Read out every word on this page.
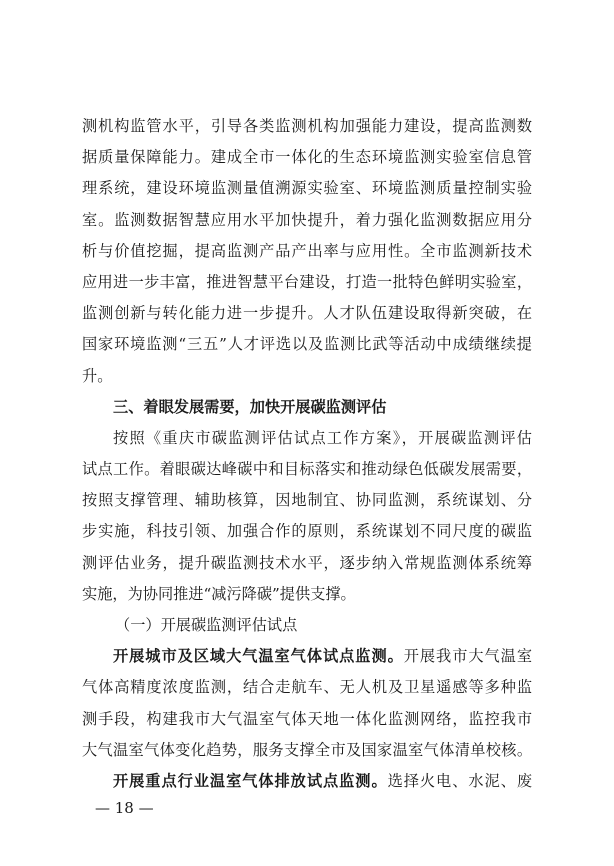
测机构监管水平，引导各类监测机构加强能力建设，提高监测数
据质量保障能力。建成全市一体化的生态环境监测实验室信息管
理系统，建设环境监测量值溯源实验室、环境监测质量控制实验
室。监测数据智慧应用水平加快提升，着力强化监测数据应用分
析与价值挖掘，提高监测产品产出率与应用性。全市监测新技术
应用进一步丰富，推进智慧平台建设，打造一批特色鲜明实验室，
监测创新与转化能力进一步提升。人才队伍建设取得新突破，在
国家环境监测“三五”人才评选以及监测比武等活动中成绩继续提
升。
三、着眼发展需要，加快开展碳监测评估
按照《重庆市碳监测评估试点工作方案》，开展碳监测评估
试点工作。着眼碳达峰碳中和目标落实和推动绿色低碳发展需要，
按照支撑管理、辅助核算，因地制宜、协同监测，系统谋划、分
步实施，科技引领、加强合作的原则，系统谋划不同尺度的碳监
测评估业务，提升碳监测技术水平，逐步纳入常规监测体系统筹
实施，为协同推进“减污降碳”提供支撑。
（一）开展碳监测评估试点
开展城市及区域大气温室气体试点监测。开展我市大气温室
气体高精度浓度监测，结合走航车、无人机及卫星遥感等多种监
测手段，构建我市大气温室气体天地一体化监测网络，监控我市
大气温室气体变化趋势，服务支撑全市及国家温室气体清单校核。
开展重点行业温室气体排放试点监测。选择火电、水泥、废
— 18 —
